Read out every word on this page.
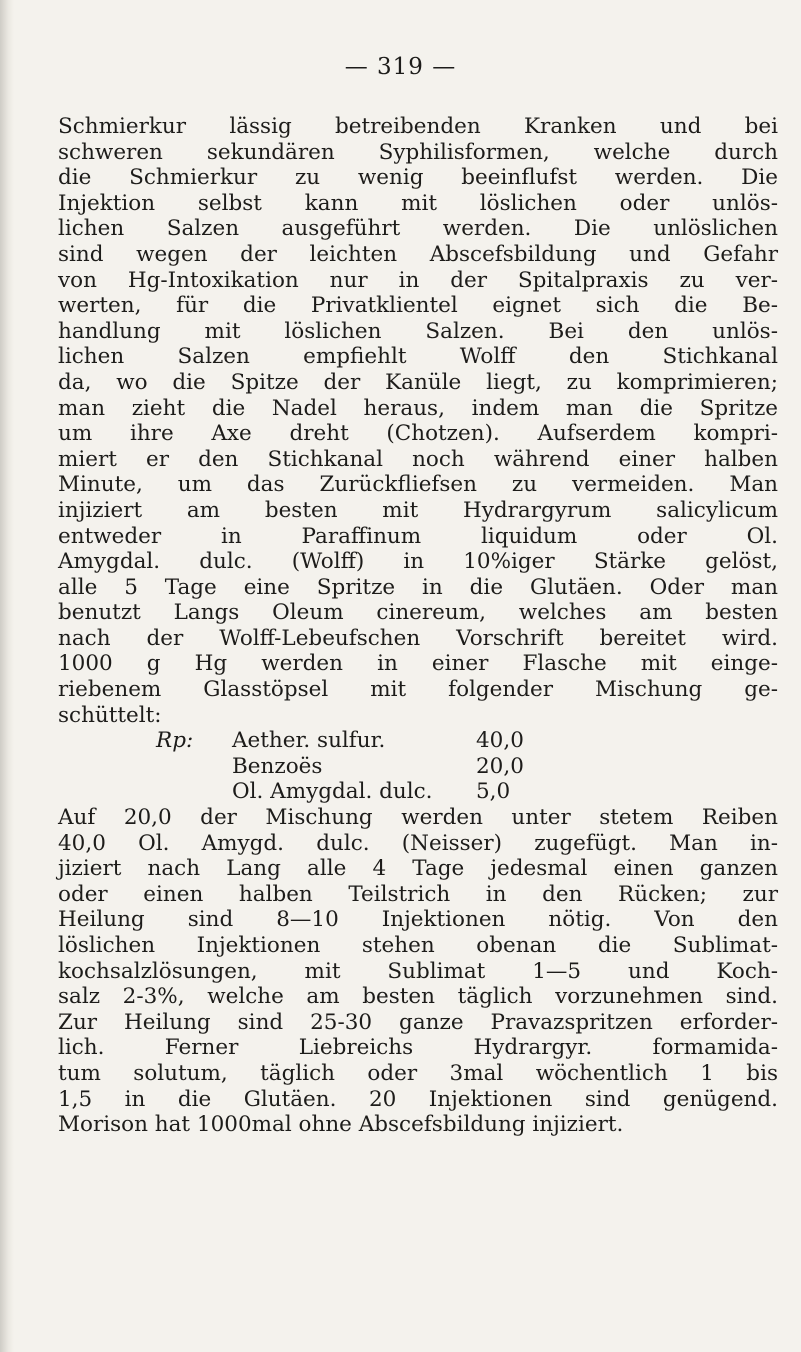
— 319 —
Schmierkur lässig betreibenden Kranken und bei
schweren sekundären Syphilisformen, welche durch
die Schmierkur zu wenig beeinflufst werden. Die
Injektion selbst kann mit löslichen oder unlös-
lichen Salzen ausgeführt werden. Die unlöslichen
sind wegen der leichten Abscefsbildung und Gefahr
von Hg-Intoxikation nur in der Spitalpraxis zu ver-
werten, für die Privatklientel eignet sich die Be-
handlung mit löslichen Salzen. Bei den unlös-
lichen Salzen empfiehlt Wolff den Stichkanal
da, wo die Spitze der Kanüle liegt, zu komprimieren;
man zieht die Nadel heraus, indem man die Spritze
um ihre Axe dreht (Chotzen). Aufserdem kompri-
miert er den Stichkanal noch während einer halben
Minute, um das Zurückfliefsen zu vermeiden. Man
injiziert am besten mit Hydrargyrum salicylicum
entweder in Paraffinum liquidum oder Ol.
Amygdal. dulc. (Wolff) in 10%iger Stärke gelöst,
alle 5 Tage eine Spritze in die Glutäen. Oder man
benutzt Langs Oleum cinereum, welches am besten
nach der Wolff-Lebeufschen Vorschrift bereitet wird.
1000 g Hg werden in einer Flasche mit einge-
riebenem Glasstöpsel mit folgender Mischung ge-
schüttelt:
Rp: Aether. sulfur.	40,0
Benzoës	20,0
Ol. Amygdal. dulc. 5,0
Auf 20,0 der Mischung werden unter stetem Reiben
40,0 Ol. Amygd. dulc. (Neisser) zugefügt. Man in-
jiziert nach Lang alle 4 Tage jedesmal einen ganzen
oder einen halben Teilstrich in den Rücken; zur
Heilung sind 8—10 Injektionen nötig. Von den
löslichen Injektionen stehen obenan die Sublimat-
kochsalzlösungen, mit Sublimat 1—5 und Koch-
salz 2-3%, welche am besten täglich vorzunehmen sind.
Zur Heilung sind 25-30 ganze Pravazspritzen erforder-
lich. Ferner Liebreichs Hydrargyr. formamida-
tum solutum, täglich oder 3mal wöchentlich 1 bis
1,5 in die Glutäen. 20 Injektionen sind genügend.
Morison hat 1000mal ohne Abscefsbildung injiziert.
